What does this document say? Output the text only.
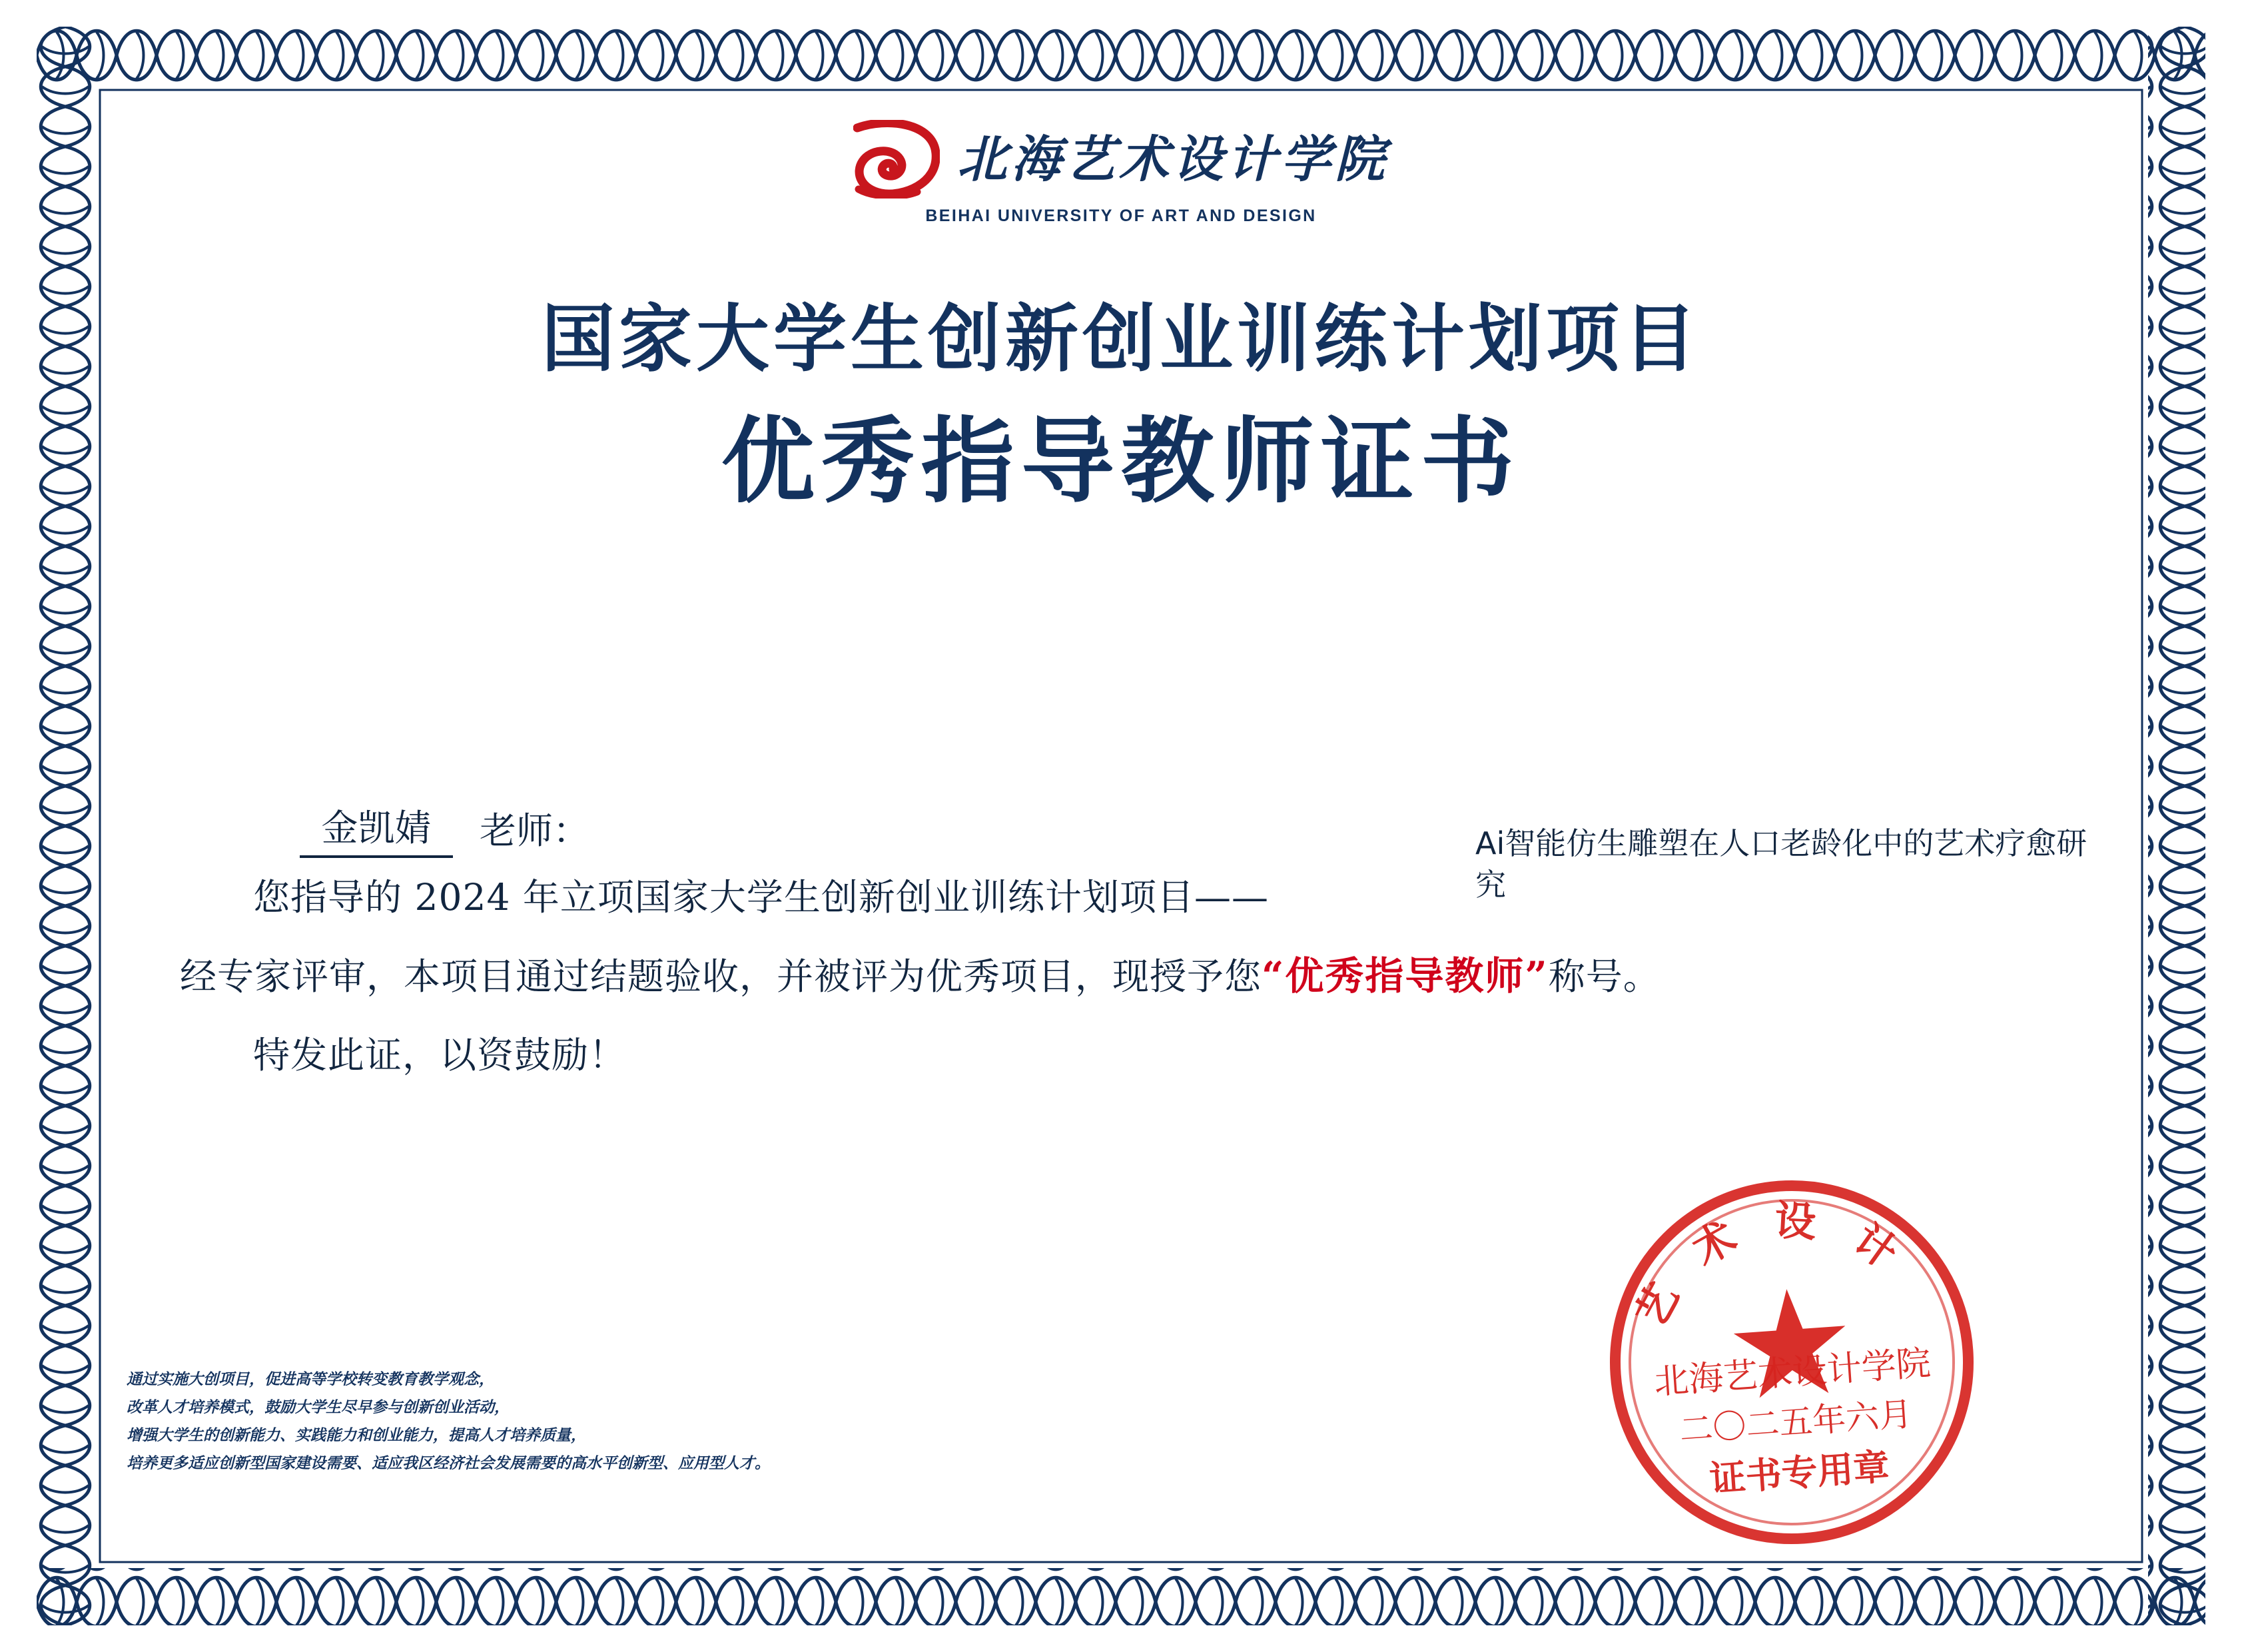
北海艺术设计学院
BEIHAI UNIVERSITY OF ART AND DESIGN
国家大学生创新创业训练计划项目
优秀指导教师证书
金凯婧	老师：
您指导的 2024 年立项国家大学生创新创业训练计划项目——
经专家评审，本项目通过结题验收，并被评为优秀项目，现授予您“优秀指导教师”称号。
特发此证，以资鼓励！
Ai智能仿生雕塑在人口老龄化中的艺术疗愈研究
通过实施大创项目，促进高等学校转变教育教学观念，
改革人才培养模式，鼓励大学生尽早参与创新创业活动，
增强大学生的创新能力、实践能力和创业能力，提高人才培养质量，
培养更多适应创新型国家建设需要、适应我区经济社会发展需要的高水平创新型、应用型人才。
艺 术 设 计
北海艺术设计学院
二〇二五年六月
证书专用章
